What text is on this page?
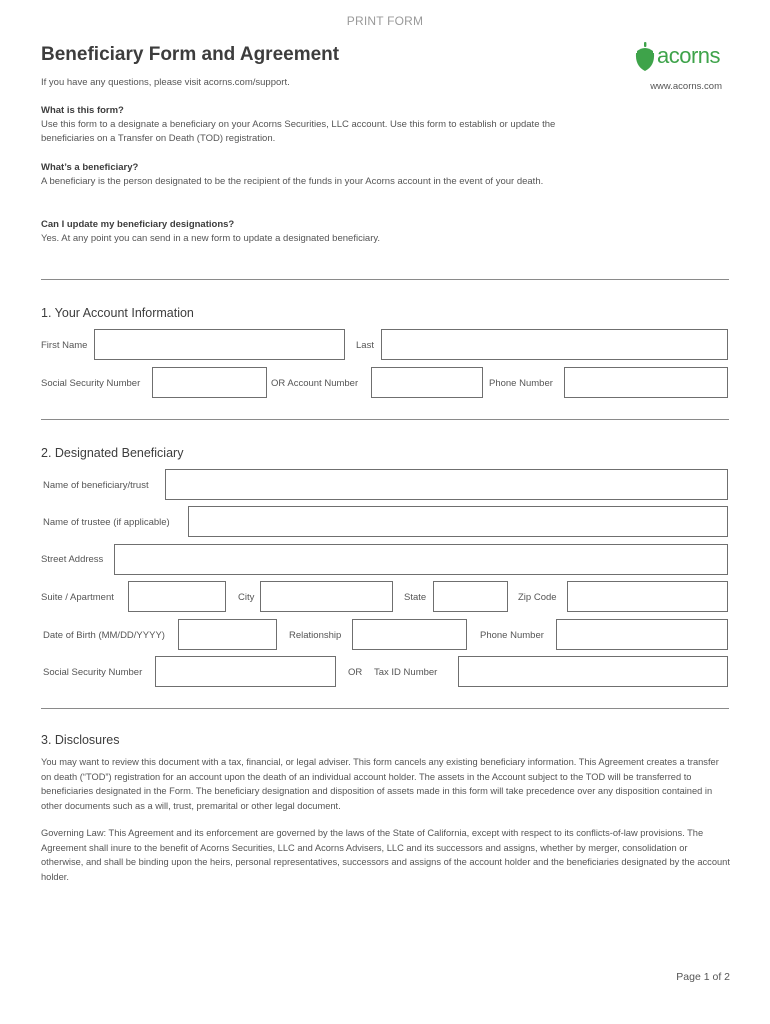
PRINT FORM
Beneficiary Form and Agreement
If you have any questions, please visit acorns.com/support.
acorns
www.acorns.com
What is this form?
Use this form to a designate a beneficiary on your Acorns Securities, LLC account. Use this form to establish or update the beneficiaries on a Transfer on Death (TOD) registration.
What’s a beneficiary?
A beneficiary is the person designated to be the recipient of the funds in your Acorns account in the event of your death.
Can I update my beneficiary designations?
Yes. At any point you can send in a new form to update a designated beneficiary.
1. Your Account Information
First Name	Last
Social Security Number	OR Account Number	Phone Number
2. Designated Beneficiary
Name of beneficiary/trust
Name of trustee (if applicable)
Street Address
Suite / Apartment	City	State	Zip Code
Date of Birth (MM/DD/YYYY)	Relationship	Phone Number
Social Security Number	OR Tax ID Number
3. Disclosures
You may want to review this document with a tax, financial, or legal adviser. This form cancels any existing beneficiary information. This Agreement creates a transfer on death (“TOD”) registration for an account upon the death of an individual account holder. The assets in the Account subject to the TOD will be transferred to beneficiaries designated in the Form. The beneficiary designation and disposition of assets made in this form will take precedence over any disposition contained in other documents such as a will, trust, premarital or other legal document.
Governing Law: This Agreement and its enforcement are governed by the laws of the State of California, except with respect to its conflicts-of-law provisions. The Agreement shall inure to the benefit of Acorns Securities, LLC and Acorns Advisers, LLC and its successors and assigns, whether by merger, consolidation or otherwise, and shall be binding upon the heirs, personal representatives, successors and assigns of the account holder and the beneficiaries designated by the account holder.
Page 1 of 2
